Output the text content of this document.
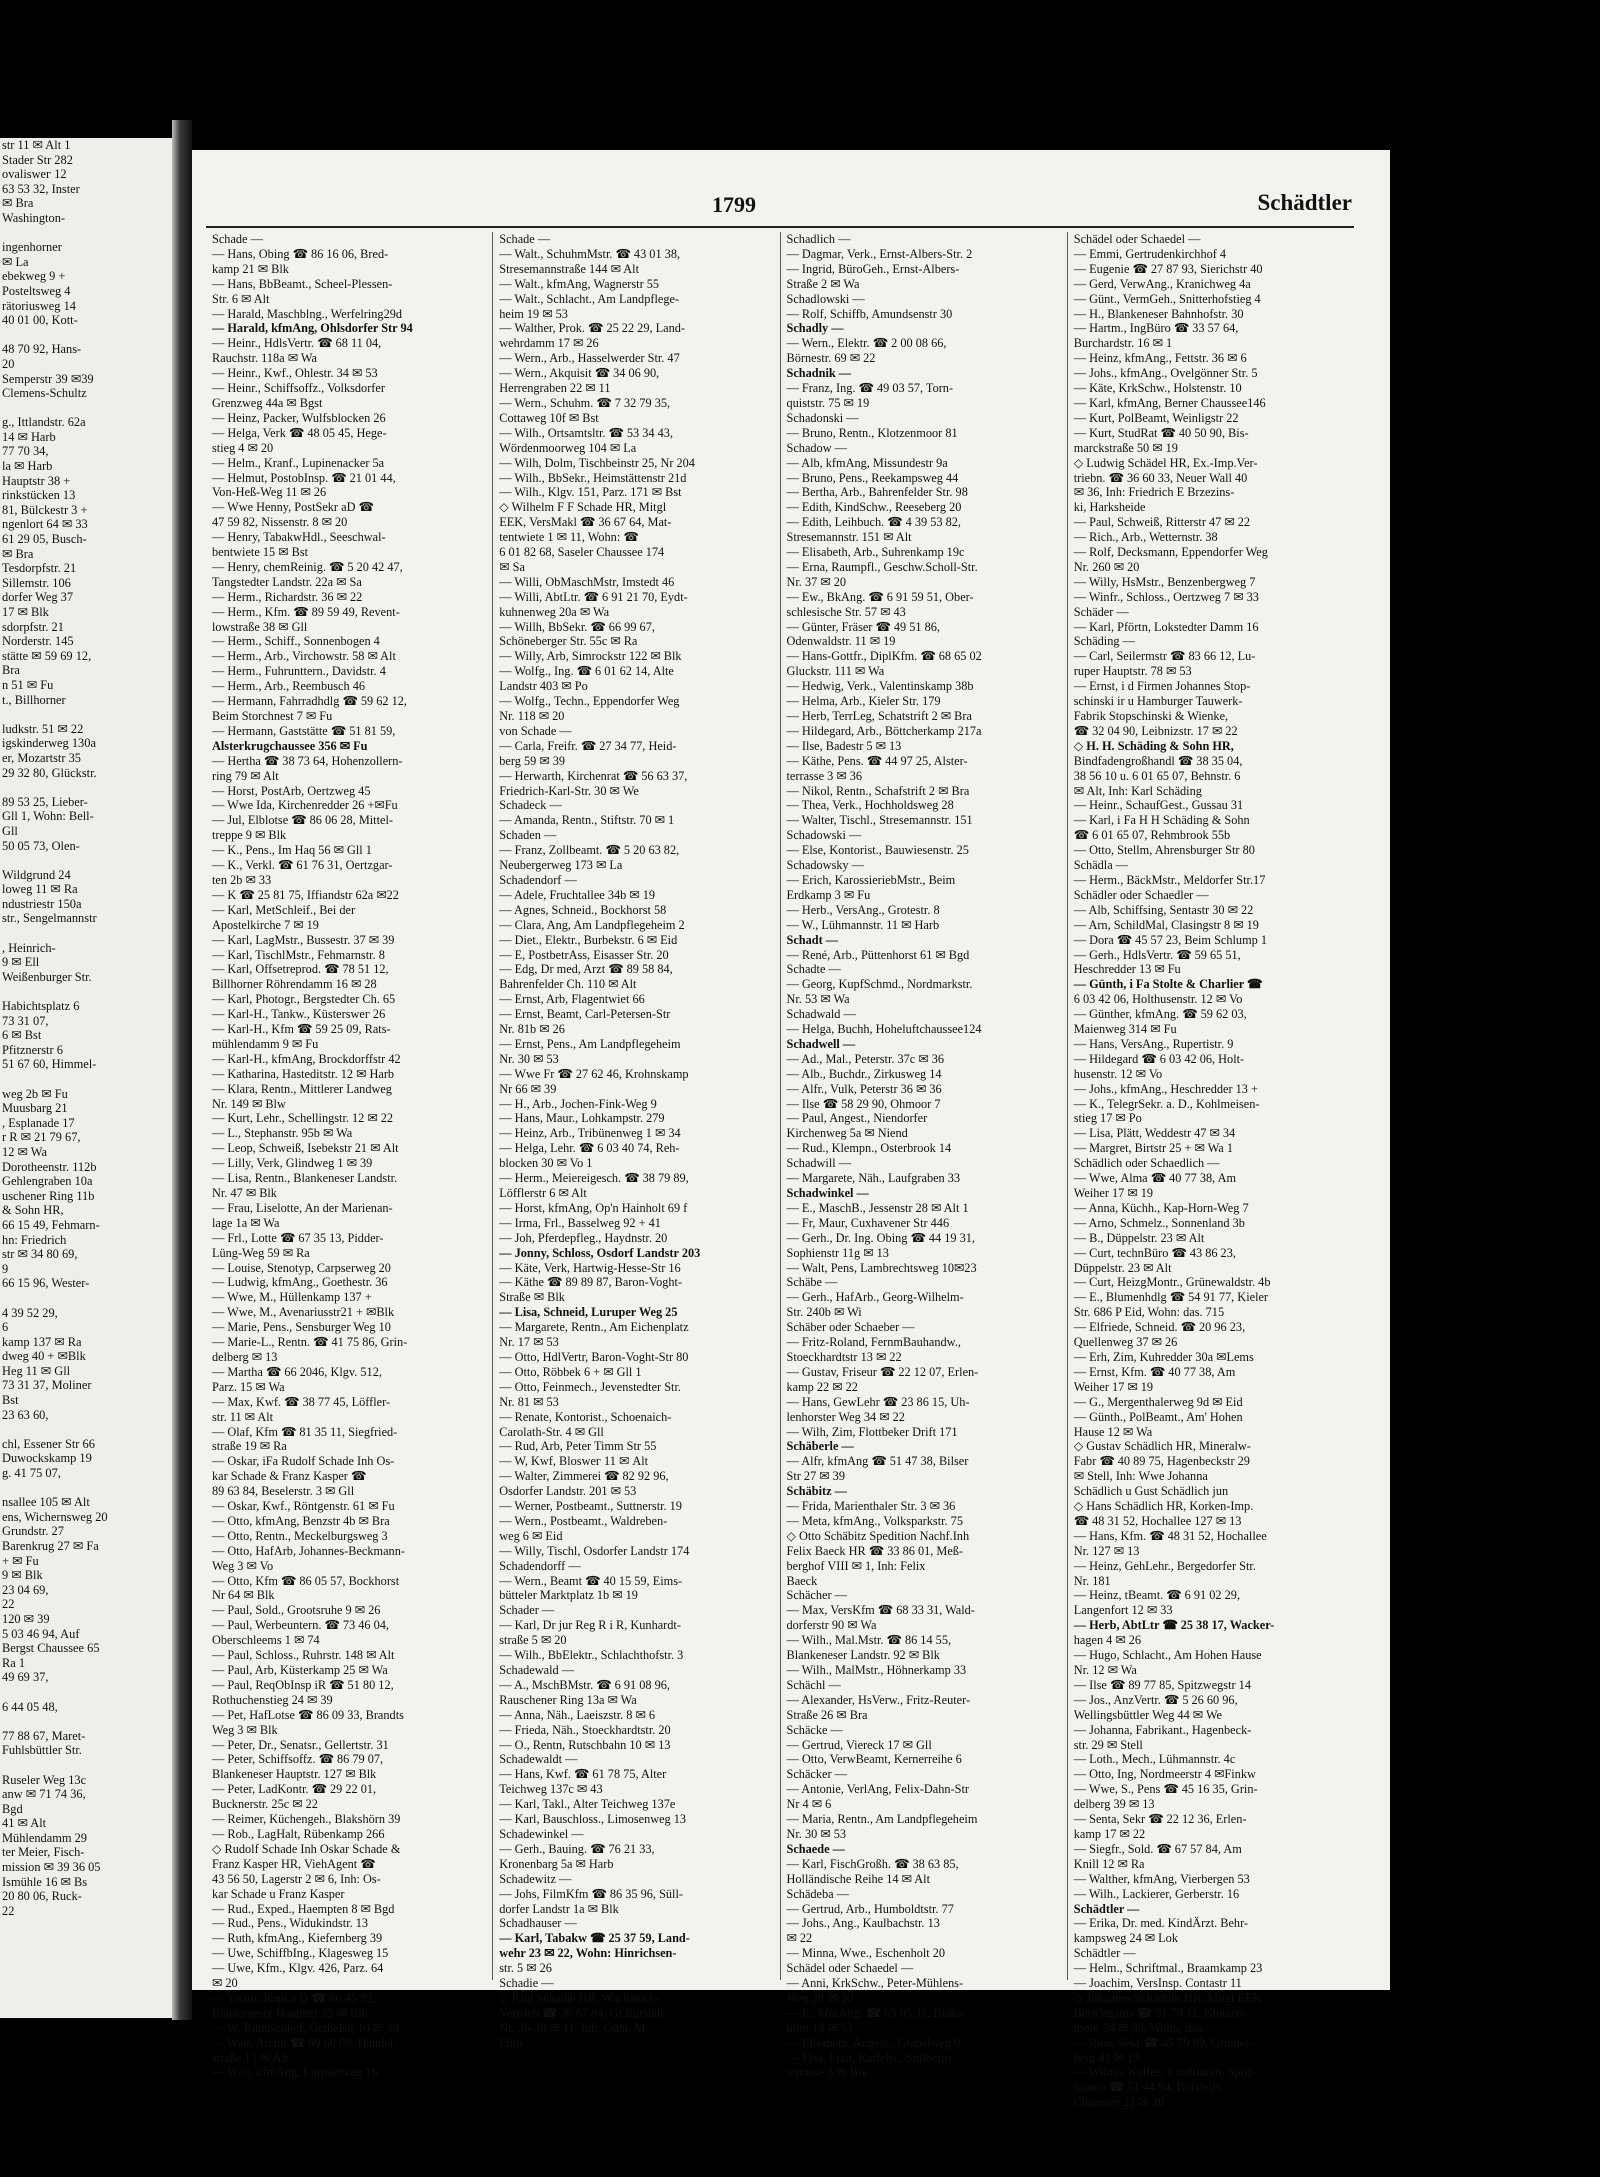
str 11 ✉ Alt 1
Stader Str 282
ovaliswег 12
63 53 32, Inster
✉ Brа
Washington-

ingenhorner
✉ La
ebekweg 9 +
Posteltsweg 4
rätoriusweg 14
40 01 00, Kott-

48 70 92, Hans-
20
Semperstr 39 ✉39
Clemens-Schultz

g., Ittlandstr. 62a
14 ✉ Harb
77 70 34,
la ✉ Harb
Hauptstr 38 +
rinkstücken 13
81, Bülckestr 3 +
ngenlort 64 ✉ 33
61 29 05, Busch-
✉ Bra
Tesdorpfstr. 21
Sillemstr. 106
dorfer Weg 37
17 ✉ Blk
sdorpfstr. 21
Norderstr. 145
stätte ✉ 59 69 12,
Bra
n 51 ✉ Fu
t., Billhorner

ludkstr. 51 ✉ 22
igskinderweg 130a
er, Mozartstr 35
29 32 80, Glückstr.

89 53 25, Lieber-
Gll 1, Wohn: Bell-
Gll
50 05 73, Olen-

Wildgrund 24
loweg 11 ✉ Ra
ndustriestr 150a
str., Sengelmannstr

, Heinrich-
9 ✉ Ell
Weißenburger Str.

Habichtsplatz 6
73 31 07,
6 ✉ Bst
Pfitznerstr 6
51 67 60, Himmel-

weg 2b ✉ Fu
Muusbarg 21
, Esplanade 17
r R ✉ 21 79 67,
12 ✉ Wa
Dorotheenstr. 112b
Gehlengraben 10a
uschener Ring 11b
& Sohn HR,
66 15 49, Fehmarn-
hn: Friedrich
str ✉ 34 80 69,
9
66 15 96, Wester-

4 39 52 29,
6
kamp 137 ✉ Ra
dweg 40 + ✉Blk
Heg 11 ✉ Gll
73 31 37, Moliner
Bst
23 63 60,

chl, Essener Str 66
Duwockskamp 19
g. 41 75 07,

nsallee 105 ✉ Alt
ens, Wichernsweg 20
Grundstr. 27
Barenkrug 27 ✉ Fa
+ ✉ Fu
9 ✉ Blk
23 04 69,
22
120 ✉ 39
5 03 46 94, Auf
Bergst Chaussee 65
Ra 1
49 69 37,

6 44 05 48,

77 88 67, Maret-
Fuhlsbüttler Str.

Ruseler Weg 13c
anw ✉ 71 74 36,
Bgd
41 ✉ Alt
Mühlendamm 29
ter Meier, Fisch-
mission ✉ 39 36 05
Ismühle 16 ✉ Bs
20 80 06, Ruck-
22
1799	Schädtler
Schade —
— Hans, Obing ☎ 86 16 06, Bred-
kamp 21 ✉ Blk
— Hans, BbBeamt., Scheel-Plessen-
Str. 6 ✉ Alt
— Harald, Maschblng., Werfelring29d
— Harald, kfmAng, Ohlsdorfer Str 94
— Heinr., HdlsVertr. ☎ 68 11 04,
Rauchstr. 118a ✉ Wa
— Heinr., Kwf., Ohlestr. 34 ✉ 53
— Heinr., Schiffsoffz., Volksdorfer
Grenzweg 44a ✉ Bgst
— Heinz, Packer, Wulfsblocken 26
— Helga, Verk ☎ 48 05 45, Hege-
stieg 4 ✉ 20
— Helm., Kranf., Lupinenacker 5a
— Helmut, PostobInsp. ☎ 21 01 44,
Von-Heß-Weg 11 ✉ 26
— Wwe Henny, PostSekr aD ☎
47 59 82, Nissenstr. 8 ✉ 20
— Henry, TabakwHdl., Seeschwal-
bentwiete 15 ✉ Bst
— Henry, chemReinig. ☎ 5 20 42 47,
Tangstedter Landstr. 22a ✉ Sa
— Herm., Richardstr. 36 ✉ 22
— Herm., Kfm. ☎ 89 59 49, Revent-
lowstraße 38 ✉ Gll
— Herm., Schiff., Sonnenbogen 4
— Herm., Arb., Virchowstr. 58 ✉ Alt
— Herm., Fuhrunttern., Davidstr. 4
— Herm., Arb., Reembusch 46
— Hermann, Fahrradhdlg ☎ 59 62 12,
Beim Storchnest 7 ✉ Fu
— Hermann, Gaststätte ☎ 51 81 59,
Alsterkrugchaussee 356 ✉ Fu
— Hertha ☎ 38 73 64, Hohenzollern-
ring 79 ✉ Alt
— Horst, PostArb, Oertzweg 45
— Wwe Ida, Kirchenredder 26 +✉Fu
— Jul, Elblotse ☎ 86 06 28, Mittel-
treppe 9 ✉ Blk
— K., Pens., Im Haq 56 ✉ Gll 1
— K., Verkl. ☎ 61 76 31, Oertzgar-
ten 2b ✉ 33
— K ☎ 25 81 75, Iffiandstr 62a ✉22
— Karl, MetSchleif., Bei der
Apostelkirche 7 ✉ 19
— Karl, LagMstr., Bussestr. 37 ✉ 39
— Karl, TischlMstr., Fehmarnstr. 8
— Karl, Offsetreprod. ☎ 78 51 12,
Billhorner Röhrendamm 16 ✉ 28
— Karl, Photogr., Bergstedter Ch. 65
— Karl-H., Tankw., Küsterswег 26
— Karl-H., Kfm ☎ 59 25 09, Rats-
mühlendamm 9 ✉ Fu
— Karl-H., kfmAng, Brockdorffstr 42
— Katharina, Hasteditstr. 12 ✉ Harb
— Klara, Rentn., Mittlerer Landweg
Nr. 149 ✉ Blw
— Kurt, Lehr., Schellingstr. 12 ✉ 22
— L., Stephanstr. 95b ✉ Wa
— Leop, Schweiß, Isebekstr 21 ✉ Alt
— Lilly, Verk, Glindweg 1 ✉ 39
— Lisa, Rentn., Blankeneser Landstr.
Nr. 47 ✉ Blk
— Frau, Liselotte, An der Marienan-
lage 1a ✉ Wa
— Frl., Lotte ☎ 67 35 13, Pidder-
Lüng-Weg 59 ✉ Ra
— Louise, Stenotyp, Carpserweg 20
— Ludwig, kfmAng., Goethestr. 36
— Wwe, M., Hüllenkamp 137 +
— Wwe, M., Avenariusstr21 + ✉Blk
— Marie, Pens., Sensburger Weg 10
— Marie-L., Rentn. ☎ 41 75 86, Grin-
delberg ✉ 13
— Martha ☎ 66 2046, Klgv. 512,
Parz. 15 ✉ Wa
— Max, Kwf. ☎ 38 77 45, Löffler-
str. 11 ✉ Alt
— Olaf, Kfm ☎ 81 35 11, Siegfried-
straße 19 ✉ Ra
— Oskar, iFa Rudolf Schade Inh Os-
kar Schade & Franz Kasper ☎
89 63 84, Beselerstr. 3 ✉ Gll
— Oskar, Kwf., Röntgenstr. 61 ✉ Fu
— Otto, kfmAng, Benzstr 4b ✉ Bra
— Otto, Rentn., Meckelburgsweg 3
— Otto, HafArb, Johannes-Beckmann-
Weg 3 ✉ Vo
— Otto, Kfm ☎ 86 05 57, Bockhorst
Nr 64 ✉ Blk
— Paul, Sold., Grootsruhe 9 ✉ 26
— Paul, Werbeuntern. ☎ 73 46 04,
Oberschleems 1 ✉ 74
— Paul, Schloss., Ruhrstr. 148 ✉ Alt
— Paul, Arb, Küsterkamp 25 ✉ Wa
— Paul, ReqObInsp iR ☎ 51 80 12,
Rothuchenstieg 24 ✉ 39
— Pet, HafLotse ☎ 86 09 33, Brandts
Weg 3 ✉ Blk
— Peter, Dr., Senatsr., Gellertstr. 31
— Peter, Schiffsoffz. ☎ 86 79 07,
Blankeneser Hauptstr. 127 ✉ Blk
— Peter, LadKontr. ☎ 29 22 01,
Bucknerstr. 25c ✉ 22
— Reimer, Küchengeh., Blakshörn 39
— Rob., LagHalt, Rübenkamp 266
◇ Rudolf Schade Inh Oskar Schade &
Franz Kasper HR, ViehAgent ☎
43 56 50, Lagerstr 2 ✉ 6, Inh: Os-
kar Schade u Franz Kasper
— Rud., Exped., Haempten 8 ✉ Bgd
— Rud., Pens., Widukindstr. 13
— Ruth, kfmAng., Kiefernberg 39
— Uwe, SchiffbIng., Klagesweg 15
— Uwe, Kfm., Klgv. 426, Parz. 64
✉ 20
— Victor, Kapt a D ☎ 86 45 92,
Blankeneser Hauptstr 35 ✉ Blk
— W, Rundschleif, Geibelstr 10 ✉ 39
— Walt, Archit ☎ 89 60 89, Händel-
straße 15 ✉ Alt
— Walt, kfmAng, Carpserweg 16
Schade —
— Walt., SchuhmMstr. ☎ 43 01 38,
Stresemannstraße 144 ✉ Alt
— Walt., kfmAng, Wagnerstr 55
— Walt., Schlacht., Am Landpflege-
heim 19 ✉ 53
— Walther, Prok. ☎ 25 22 29, Land-
wehrdamm 17 ✉ 26
— Wern., Arb., Hasselwerder Str. 47
— Wern., Akquisit ☎ 34 06 90,
Herrengraben 22 ✉ 11
— Wern., Schuhm. ☎ 7 32 79 35,
Cottaweg 10f ✉ Bst
— Wilh., Ortsamtsltr. ☎ 53 34 43,
Wördenmoorweg 104 ✉ La
— Wilh, Dolm, Tischbeinstr 25, Nr 204
— Wilh., BbSekr., Heimstättenstr 21d
— Wilh., Klgv. 151, Parz. 171 ✉ Bst
◇ Wilhelm F F Schade HR, Mitgl
EEK, VersMakl ☎ 36 67 64, Mat-
tentwiete 1 ✉ 11, Wohn: ☎
6 01 82 68, Saseler Chaussee 174
✉ Sa
— Willi, ObMaschMstr, Imstedt 46
— Willi, AbtLtr. ☎ 6 91 21 70, Eydt-
kuhnenweg 20a ✉ Wa
— Willh, BbSekr. ☎ 66 99 67,
Schöneberger Str. 55c ✉ Ra
— Willy, Arb, Simrockstr 122 ✉ Blk
— Wolfg., Ing. ☎ 6 01 62 14, Alte
Landstr 403 ✉ Po
— Wolfg., Techn., Eppendorfer Weg
Nr. 118 ✉ 20
von Schade —
— Carla, Freifr. ☎ 27 34 77, Heid-
berg 59 ✉ 39
— Herwarth, Kirchenrat ☎ 56 63 37,
Friedrich-Karl-Str. 30 ✉ We
Schadeck —
— Amanda, Rentn., Stiftstr. 70 ✉ 1
Schaden —
— Franz, Zollbeamt. ☎ 5 20 63 82,
Neubergerweg 173 ✉ La
Schadendorf —
— Adele, Fruchtallee 34b ✉ 19
— Agnes, Schneid., Bockhorst 58
— Clara, Ang, Am Landpflegeheim 2
— Diet., Elektr., Burbekstr. 6 ✉ Eid
— E, PostbetrAss, Eisasser Str. 20
— Edg, Dr med, Arzt ☎ 89 58 84,
Bahrenfelder Ch. 110 ✉ Alt
— Ernst, Arb, Flagentwiet 66
— Ernst, Beamt, Carl-Petersen-Str
Nr. 81b ✉ 26
— Ernst, Pens., Am Landpflegeheim
Nr. 30 ✉ 53
— Wwe Fr ☎ 27 62 46, Krohnskamp
Nr 66 ✉ 39
— H., Arb., Jochen-Fink-Weg 9
— Hans, Maur., Lohkampstr. 279
— Heinz, Arb., Tribünenweg 1 ✉ 34
— Helga, Lehr. ☎ 6 03 40 74, Reh-
blocken 30 ✉ Vo 1
— Herm., Meiereigesch. ☎ 38 79 89,
Löfflerstr 6 ✉ Alt
— Horst, kfmAng, Op'n Hainholt 69 f
— Irma, Frl., Basselweg 92 + 41
— Joh, Pferdepfleg., Haydnstr. 20
— Jonny, Schloss, Osdorf Landstr 203
— Käte, Verk, Hartwig-Hesse-Str 16
— Käthe ☎ 89 89 87, Baron-Voght-
Straße ✉ Blk
— Lisa, Schneid, Luruper Weg 25
— Margarete, Rentn., Am Eichenplatz
Nr. 17 ✉ 53
— Otto, HdlVertr, Baron-Voght-Str 80
— Otto, Röbbek 6 + ✉ Gll 1
— Otto, Feinmech., Jevenstedter Str.
Nr. 81 ✉ 53
— Renate, Kontorist., Schoenaich-
Carolath-Str. 4 ✉ Gll
— Rud, Arb, Peter Timm Str 55
— W, Kwf, Bloswег 11 ✉ Alt
— Walter, Zimmerei ☎ 82 92 96,
Osdorfer Landstr. 201 ✉ 53
— Werner, Postbeamt., Suttnerstr. 19
— Wern., Postbeamt., Waldreben-
weg 6 ✉ Eid
— Willy, Tischl, Osdorfer Landstr 174
Schadendorff —
— Wern., Beamt ☎ 40 15 59, Eims-
bütteler Marktplatz 1b ✉ 19
Schader —
— Karl, Dr jur Reg R i R, Kunhardt-
straße 5 ✉ 20
— Wilh., BbElektr., Schlachthofstr. 3
Schadewald —
— A., MschBMstr. ☎ 6 91 08 96,
Rauschener Ring 13a ✉ Wa
— Anna, Näh., Laeiszstr. 8 ✉ 6
— Frieda, Näh., Stoeckhardtstr. 20
— O., Rentn, Rutschbahn 10 ✉ 13
Schadewaldt —
— Hans, Kwf. ☎ 61 78 75, Alter
Teichweg 137c ✉ 43
— Karl, Takl., Alter Teichweg 137e
— Karl, Bauschloss., Limosenweg 13
Schadewinkel —
— Gerh., Bauing. ☎ 76 21 33,
Kronenbarg 5a ✉ Harb
Schadewitz —
— Johs, FilmKfm ☎ 86 35 96, Süll-
dorfer Landstr 1a ✉ Blk
Schadhauser —
— Karl, Tabakw ☎ 25 37 59, Land-
wehr 23 ✉ 22, Wohn: Hinrichsen-
str. 5 ✉ 26
Schadie —
◇ Paul Schadie HR, Wachstuch-
Vertrieb ☎ 36 67 84, Gr.Burstah
Nr. 36-38 ✉ 11, Inh: Günt. M.
Lüth
Schadlich —
— Dagmar, Verk., Ernst-Albers-Str. 2
— Ingrid, BüroGeh., Ernst-Albers-
Straße 2 ✉ Wa
Schadlowski —
— Rolf, Schiffb, Amundsenstr 30
Schadly —
— Wern., Elektr. ☎ 2 00 08 66,
Börnestr. 69 ✉ 22
Schadnik —
— Franz, Ing. ☎ 49 03 57, Torn-
quiststr. 75 ✉ 19
Schadonski —
— Bruno, Rentn., Klotzenmoor 81
Schadow —
— Alb, kfmAng, Missundestr 9a
— Bruno, Pens., Reekampsweg 44
— Bertha, Arb., Bahrenfelder Str. 98
— Edith, KindSchw., Reeseberg 20
— Edith, Leihbuch. ☎ 4 39 53 82,
Stresemannstr. 151 ✉ Alt
— Elisabeth, Arb., Suhrenkamp 19c
— Erna, Raumpfl., Geschw.Scholl-Str.
Nr. 37 ✉ 20
— Ew., BkAng. ☎ 6 91 59 51, Ober-
schlesische Str. 57 ✉ 43
— Günter, Fräser ☎ 49 51 86,
Odenwaldstr. 11 ✉ 19
— Hans-Gottfr., DiplKfm. ☎ 68 65 02
Gluckstr. 111 ✉ Wa
— Hedwig, Verk., Valentinskamp 38b
— Helma, Arb., Kieler Str. 179
— Herb, TerrLeg, Schatstrift 2 ✉ Bra
— Hildegard, Arb., Böttcherkamp 217a
— Ilse, Badestr 5 ✉ 13
— Käthe, Pens. ☎ 44 97 25, Alster-
terrasse 3 ✉ 36
— Nikol, Rentn., Schafstrift 2 ✉ Bra
— Thea, Verk., Hochholdsweg 28
— Walter, Tischl., Stresemannstr. 151
Schadowski —
— Else, Kontorist., Bauwiesenstr. 25
Schadowsky —
— Erich, KarossieriebMstr., Beim
Erdkamp 3 ✉ Fu
— Herb., VersAng., Grotestr. 8
— W., Lühmannstr. 11 ✉ Harb
Schadt —
— René, Arb., Püttenhorst 61 ✉ Bgd
Schadte —
— Georg, KupfSchmd., Nordmarkstr.
Nr. 53 ✉ Wa
Schadwald —
— Helga, Buchh, Hoheluftchaussee124
Schadwell —
— Ad., Mal., Peterstr. 37c ✉ 36
— Alb., Buchdr., Zirkusweg 14
— Alfr., Vulk, Peterstr 36 ✉ 36
— Ilse ☎ 58 29 90, Ohmoor 7
— Paul, Angest., Niendorfer
Kirchenweg 5a ✉ Niend
— Rud., Klempn., Osterbrook 14
Schadwill —
— Margarete, Näh., Laufgraben 33
Schadwinkel —
— E., MaschB., Jessenstr 28 ✉ Alt 1
— Fr, Maur, Cuxhavener Str 446
— Gerh., Dr. Ing. Obing ☎ 44 19 31,
Sophienstr 11g ✉ 13
— Walt, Pens, Lambrechtsweg 10✉23
Schäbe —
— Gerh., HafArb., Georg-Wilhelm-
Str. 240b ✉ Wi
Schäber oder Schaeber —
— Fritz-Roland, FernmBauhandw.,
Stoeckhardtstr 13 ✉ 22
— Gustav, Friseur ☎ 22 12 07, Erlen-
kamp 22 ✉ 22
— Hans, GewLehr ☎ 23 86 15, Uh-
lenhorster Weg 34 ✉ 22
— Wilh, Zim, Flottbeker Drift 171
Schäberle —
— Alfr, kfmAng ☎ 51 47 38, Bilser
Str 27 ✉ 39
Schäbitz —
— Frida, Marienthaler Str. 3 ✉ 36
— Meta, kfmAng., Volksparkstr. 75
◇ Otto Schäbitz Spedition Nachf.Inh
Felix Baeck HR ☎ 33 86 01, Meß-
berghof VIII ✉ 1, Inh: Felix
Baeck
Schächer —
— Max, VersKfm ☎ 68 33 31, Wald-
dorferstr 90 ✉ Wa
— Wilh., Mal.Mstr. ☎ 86 14 55,
Blankeneser Landstr. 92 ✉ Blk
— Wilh., MalMstr., Höhnerkamp 33
Schächl —
— Alexander, HsVerw., Fritz-Reuter-
Straße 26 ✉ Bra
Schäcke —
— Gertrud, Viereck 17 ✉ Gll
— Otto, VerwBeamt, Kernerreihe 6
Schäcker —
— Antonie, VerlAng, Felix-Dahn-Str
Nr 4 ✉ 6
— Maria, Rentn., Am Landpflegeheim
Nr. 30 ✉ 53
Schaede —
— Karl, FischGroßh. ☎ 38 63 85,
Holländische Reihe 14 ✉ Alt
Schädeba —
— Gertrud, Arb., Humboldtstr. 77
— Johs., Ang., Kaulbachstr. 13
✉ 22
— Minna, Wwe., Eschenholt 20
Schädel oder Schaedel —
— Anni, KrkSchw., Peter-Mühlens-
Weg 20 ✉ 20
— E., kfmAng. ☎ 63 05 31, Blaks-
hörn 19 ✉ 53
— Elisabeth, Angest., Gräpelweg 9
— Elsa, Frau, Kaffehs., Süllbergs-
terrasse 3 ✉ Blk
Schädel oder Schaedel —
— Emmi, Gertrudenkirchhof 4
— Eugenie ☎ 27 87 93, Sierichstr 40
— Gerd, VerwAng., Kranichweg 4a
— Günt., VermGeh., Snitterhofstieg 4
— H., Blankeneser Bahnhofstr. 30
— Hartm., IngBüro ☎ 33 57 64,
Burchardstr. 16 ✉ 1
— Heinz, kfmAng., Fettstr. 36 ✉ 6
— Johs., kfmAng., Ovelgönner Str. 5
— Käte, KrkSchw., Holstenstr. 10
— Karl, kfmAng, Berner Chaussee146
— Kurt, PolBeamt, Weinligstr 22
— Kurt, StudRat ☎ 40 50 90, Bis-
marckstraße 50 ✉ 19
◇ Ludwig Schädel HR, Ex.-Imp.Ver-
triebn. ☎ 36 60 33, Neuer Wall 40
✉ 36, Inh: Friedrich E Brzezins-
ki, Harksheide
— Paul, Schweiß, Ritterstr 47 ✉ 22
— Rich., Arb., Wetternstr. 38
— Rolf, Decksmann, Eppendorfer Weg
Nr. 260 ✉ 20
— Willy, HsMstr., Benzenbergweg 7
— Winfr., Schloss., Oertzweg 7 ✉ 33
Schäder —
— Karl, Pförtn, Lokstedter Damm 16
Schäding —
— Carl, Seilermstr ☎ 83 66 12, Lu-
ruper Hauptstr. 78 ✉ 53
— Ernst, i d Firmen Johannes Stop-
schinski ir u Hamburger Tauwerk-
Fabrik Stopschinski & Wienke,
☎ 32 04 90, Leibnizstr. 17 ✉ 22
◇ H. H. Schäding & Sohn HR,
Bindfadengroßhandl ☎ 38 35 04,
38 56 10 u. 6 01 65 07, Behnstr. 6
✉ Alt, Inh: Karl Schäding
— Heinr., SchaufGest., Gussau 31
— Karl, i Fa H H Schäding & Sohn
☎ 6 01 65 07, Rehmbrook 55b
— Otto, Stellm, Ahrensburger Str 80
Schädla —
— Herm., BäckMstr., Meldorfer Str.17
Schädler oder Schaedler —
— Alb, Schiffsing, Sentastr 30 ✉ 22
— Arn, SchildMal, Clasingstr 8 ✉ 19
— Dora ☎ 45 57 23, Beim Schlump 1
— Gerh., HdlsVertr. ☎ 59 65 51,
Heschredder 13 ✉ Fu
— Günth, i Fa Stolte & Charlier ☎
6 03 42 06, Holthusenstr. 12 ✉ Vo
— Günther, kfmAng. ☎ 59 62 03,
Maienweg 314 ✉ Fu
— Hans, VersAng., Rupertistr. 9
— Hildegard ☎ 6 03 42 06, Holt-
husenstr. 12 ✉ Vo
— Johs., kfmAng., Heschredder 13 +
— K., TelegrSekr. a. D., Kohlmeisen-
stieg 17 ✉ Po
— Lisa, Plätt, Weddestr 47 ✉ 34
— Margret, Birtstr 25 + ✉ Wa 1
Schädlich oder Schaedlich —
— Wwe, Alma ☎ 40 77 38, Am
Weiher 17 ✉ 19
— Anna, Küchh., Kap-Horn-Weg 7
— Arno, Schmelz., Sonnenland 3b
— B., Düppelstr. 23 ✉ Alt
— Curt, technBüro ☎ 43 86 23,
Düppelstr. 23 ✉ Alt
— Curt, HeizgMontr., Grünewaldstr. 4b
— E., Blumenhdlg ☎ 54 91 77, Kieler
Str. 686 P Eid, Wohn: das. 715
— Elfriede, Schneid. ☎ 20 96 23,
Quellenweg 37 ✉ 26
— Erh, Zim, Kuhredder 30a ✉Lems
— Ernst, Kfm. ☎ 40 77 38, Am
Weiher 17 ✉ 19
— G., Mergenthalerweg 9d ✉ Eid
— Günth., PolBeamt., Am' Hohen
Hause 12 ✉ Wa
◇ Gustav Schädlich HR, Mineralw-
Fabr ☎ 40 89 75, Hagenbeckstr 29
✉ Stell, Inh: Wwe Johanna
Schädlich u Gust Schädlich jun
◇ Hans Schädlich HR, Korken-Imp.
☎ 48 31 52, Hochallee 127 ✉ 13
— Hans, Kfm. ☎ 48 31 52, Hochallee
Nr. 127 ✉ 13
— Heinz, GehLehr., Bergedorfer Str.
Nr. 181
— Heinz, tBeamt. ☎ 6 91 02 29,
Langenfort 12 ✉ 33
— Herb, AbtLtr ☎ 25 38 17, Wacker-
hagen 4 ✉ 26
— Hugo, Schlacht., Am Hohen Hause
Nr. 12 ✉ Wa
— Ilse ☎ 89 77 85, Spitzwegstr 14
— Jos., AnzVertr. ☎ 5 26 60 96,
Wellingsbüttler Weg 44 ✉ We
— Johanna, Fabrikant., Hagenbeck-
str. 29 ✉ Stell
— Loth., Mech., Lühmannstr. 4c
— Otto, Ing, Nordmeerstr 4 ✉Finkw
— Wwe, S., Pens ☎ 45 16 35, Grin-
delberg 39 ✉ 13
— Senta, Sekr ☎ 22 12 36, Erlen-
kamp 17 ✉ 22
— Siegfr., Sold. ☎ 67 57 84, Am
Knill 12 ✉ Ra
— Walther, kfmAng, Vierbergen 53
— Wilh., Lackierer, Gerberstr. 16
Schädtler —
— Erika, Dr. med. KindÄrzt. Behr-
kampsweg 24 ✉ Lok
Schädtler —
— Helm., Schriftmal., Braamkamp 23
— Joachim, VersInsp. Contastr 11
◇ Johannes Schädtler HR, Mitgl EEK
BetrOrganis ☎ 51 79 11, Klotzen-
moor 54 ✉ 39, Wohn: das.
— Rosi, Sekr ☎ 45 79 89, Grindel-
berg 41 ✉ 13
— Wilma, Kaffee, Konfitüren, Spiri-
tuosen ☎ 51 44 94, Borsteler
Chaussee 21 ✉ 20
